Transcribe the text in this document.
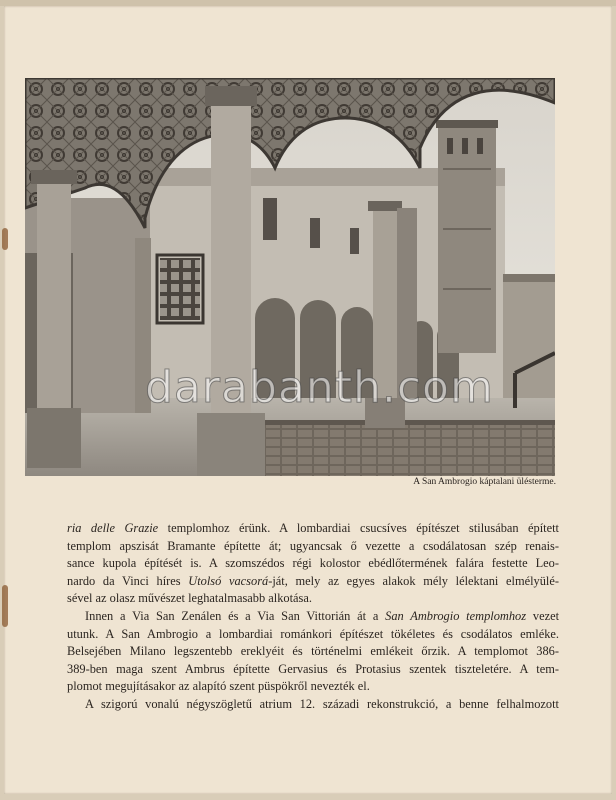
darabanth.com
A San Ambrogio káptalani ülésterme.
ria delle Grazie templomhoz érünk. A lombardiai csucsíves építészet stilusában épített
templom apszisát Bramante építette át; ugyancsak ő vezette a csodálatosan szép renais-
sance kupola építését is. A szomszédos régi kolostor ebédlőtermének falára festette Leo-
nardo da Vinci híres Utolsó vacsorá-ját, mely az egyes alakok mély lélektani elmélyülé-
sével az olasz művészet leghatalmasabb alkotása.
Innen a Via San Zenálen és a Via San Vittorián át a San Ambrogio templomhoz vezet
utunk. A San Ambrogio a lombardiai románkori építészet tökéletes és csodálatos emléke.
Belsejében Milano legszentebb ereklyéit és történelmi emlékeit őrzik. A templomot 386-
389-ben maga szent Ambrus építette Gervasius és Protasius szentek tiszteletére. A tem-
plomot megujításakor az alapító szent püspökről nevezték el.
A szigorú vonalú négyszögletű atrium 12. századi rekonstrukció, a benne felhalmozott
